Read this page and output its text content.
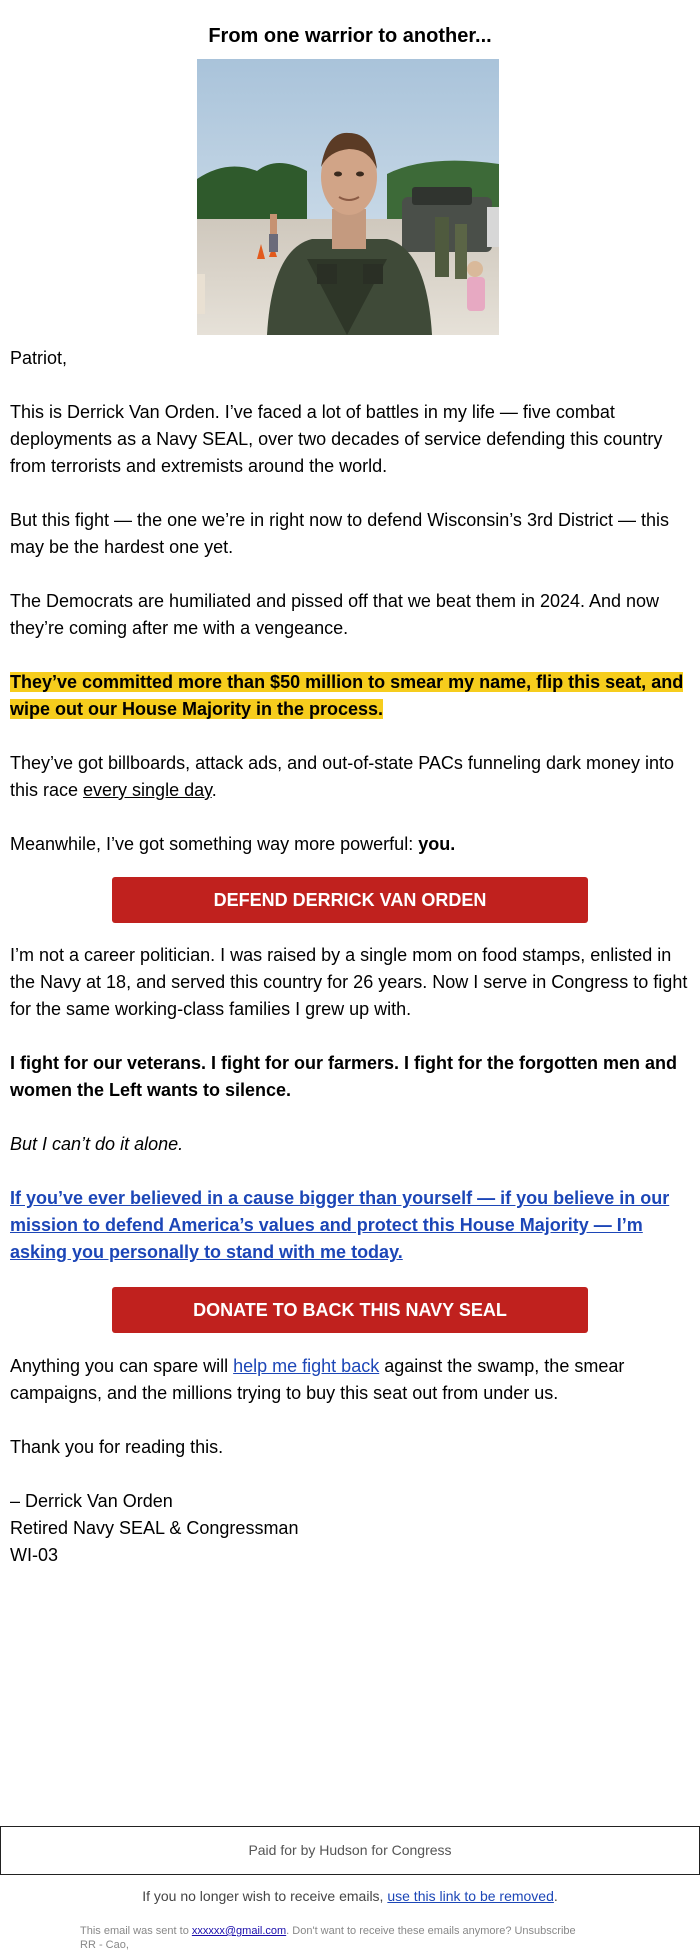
From one warrior to another...

Patriot,

This is Derrick Van Orden. I’ve faced a lot of battles in my life — five combat deployments as a Navy SEAL, over two decades of service defending this country from terrorists and extremists around the world.

But this fight — the one we’re in right now to defend Wisconsin’s 3rd District — this may be the hardest one yet.

The Democrats are humiliated and pissed off that we beat them in 2024. And now they’re coming after me with a vengeance.

They’ve committed more than $50 million to smear my name, flip this seat, and wipe out our House Majority in the process.

They’ve got billboards, attack ads, and out-of-state PACs funneling dark money into this race every single day.

Meanwhile, I’ve got something way more powerful: you.

DEFEND DERRICK VAN ORDEN

I’m not a career politician. I was raised by a single mom on food stamps, enlisted in the Navy at 18, and served this country for 26 years. Now I serve in Congress to fight for the same working-class families I grew up with.

I fight for our veterans. I fight for our farmers. I fight for the forgotten men and women the Left wants to silence.

But I can’t do it alone.

If you’ve ever believed in a cause bigger than yourself — if you believe in our mission to defend America’s values and protect this House Majority — I’m asking you personally to stand with me today.

DONATE TO BACK THIS NAVY SEAL

Anything you can spare will help me fight back against the swamp, the smear campaigns, and the millions trying to buy this seat out from under us.

Thank you for reading this.

– Derrick Van Orden

Retired Navy SEAL & Congressman

WI-03

Paid for by Hudson for Congress
If you no longer wish to receive emails, use this link to be removed.
This email was sent to xxxxxx@gmail.com. Don't want to receive these emails anymore? Unsubscribe
RR - Cao,
